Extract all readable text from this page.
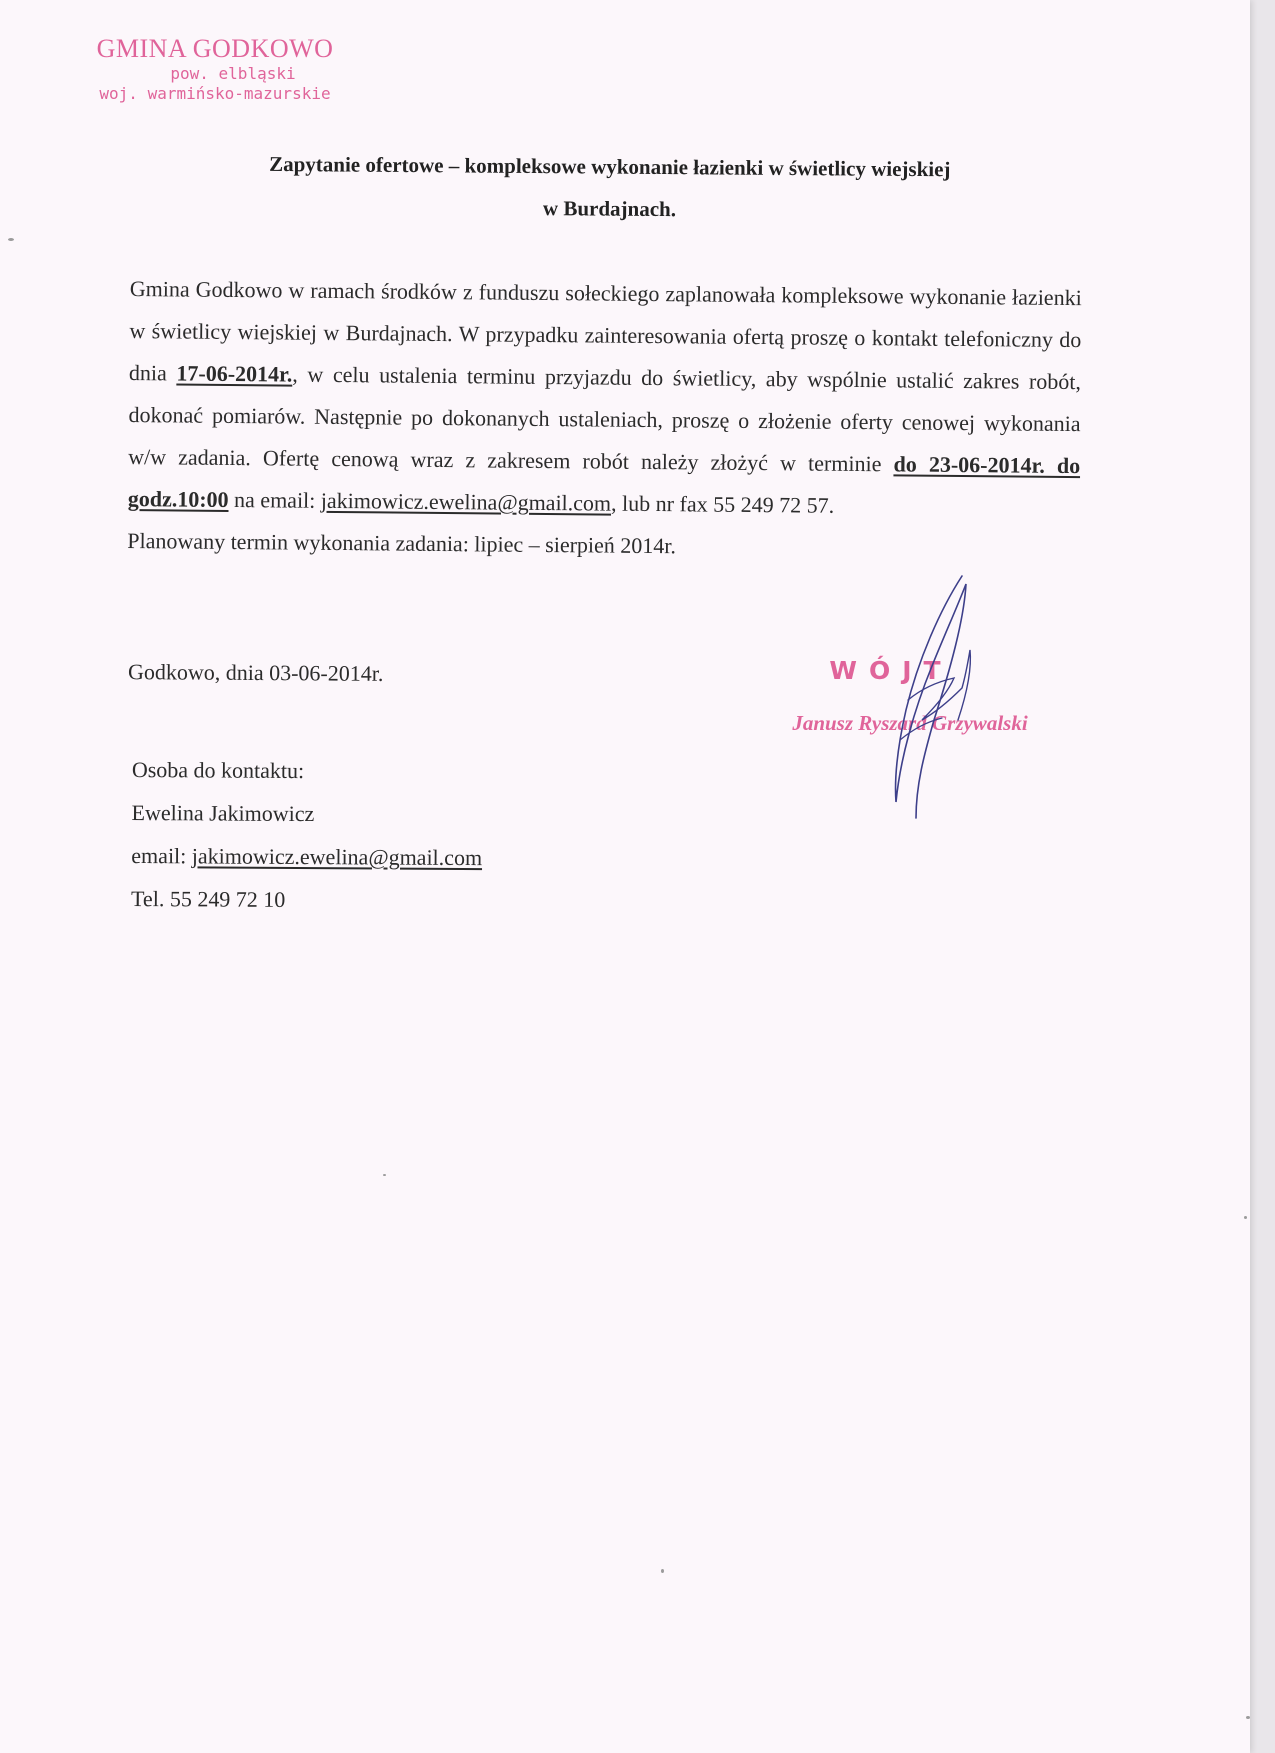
GMINA GODKOWO
pow. elbląski
woj. warmińsko-mazurskie
Zapytanie ofertowe – kompleksowe wykonanie łazienki w świetlicy wiejskiej
w Burdajnach.

Gmina Godkowo w ramach środków z funduszu sołeckiego zaplanowała kompleksowe wykonanie łazienki w świetlicy wiejskiej w Burdajnach. W przypadku zainteresowania ofertą proszę o kontakt telefoniczny do dnia 17-06-2014r., w celu ustalenia terminu przyjazdu do świetlicy, aby wspólnie ustalić zakres robót, dokonać pomiarów. Następnie po dokonanych ustaleniach, proszę o złożenie oferty cenowej wykonania w/w zadania. Ofertę cenową wraz z zakresem robót należy złożyć w terminie do 23-06-2014r. do godz.10:00 na email: jakimowicz.ewelina@gmail.com, lub nr fax 55 249 72 57.

Planowany termin wykonania zadania: lipiec – sierpień 2014r.

Godkowo, dnia 03-06-2014r.	WÓJT
Janusz Ryszard Grzywalski
Osoba do kontaktu:
Ewelina Jakimowicz
email: jakimowicz.ewelina@gmail.com
Tel. 55 249 72 10
